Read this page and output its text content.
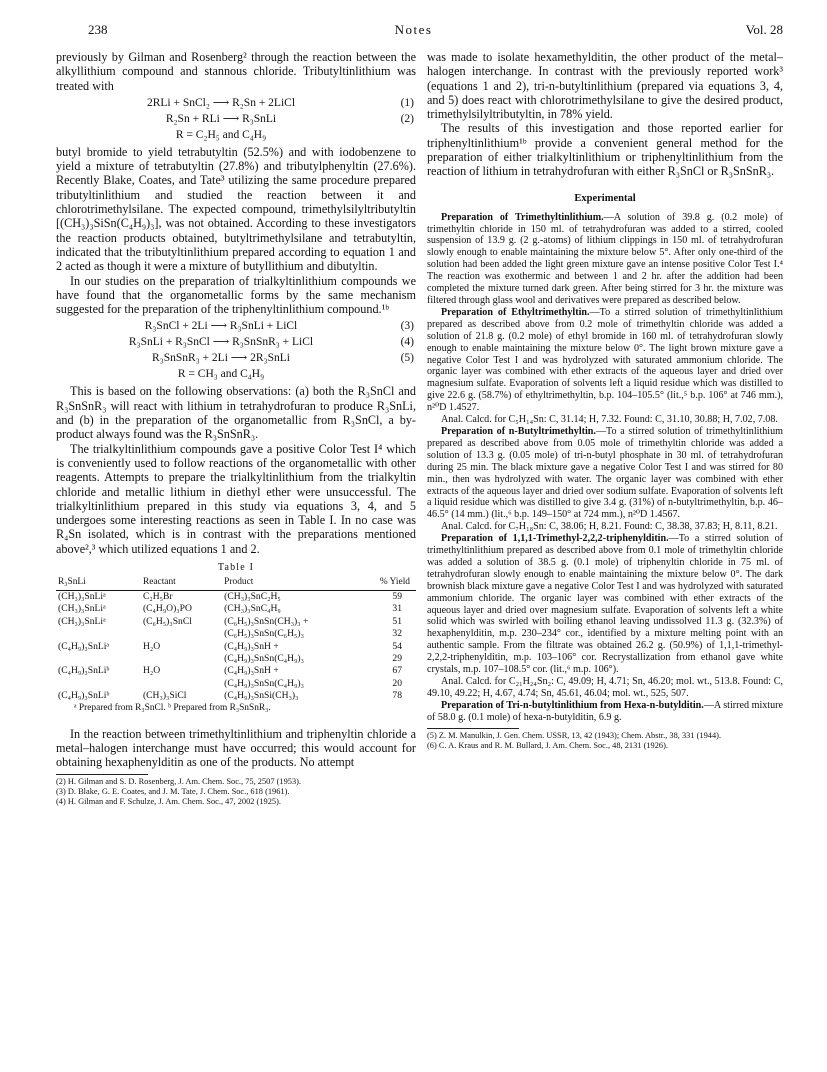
238	Notes	Vol. 28

previously by Gilman and Rosenberg² through the reaction between the alkyllithium compound and stannous chloride. Tributyltinlithium was treated with

2RLi + SnCl₂ ⟶ R₂Sn + 2LiCl	(1)
R₂Sn + RLi ⟶ R₃SnLi	(2)
R = C₂H₅ and C₄H₉

butyl bromide to yield tetrabutyltin (52.5%) and with iodobenzene to yield a mixture of tetrabutyltin (27.8%) and tributylphenyltin (27.6%). Recently Blake, Coates, and Tate³ utilizing the same procedure prepared tributyltinlithium and studied the reaction between it and chlorotrimethylsilane. The expected compound, trimethylsilyltributyltin [(CH₃)₃SiSn(C₄H₉)₃], was not obtained. According to these investigators the reaction products obtained, butyltrimethylsilane and tetrabutyltin, indicated that the tributyltinlithium prepared according to equation 1 and 2 acted as though it were a mixture of butyllithium and dibutyltin.

In our studies on the preparation of trialkyltinlithium compounds we have found that the organometallic forms by the same mechanism suggested for the preparation of the triphenyltinlithium compound.¹ᵇ

R₃SnCl + 2Li ⟶ R₃SnLi + LiCl	(3)
R₃SnLi + R₃SnCl ⟶ R₃SnSnR₃ + LiCl	(4)
R₃SnSnR₃ + 2Li ⟶ 2R₃SnLi	(5)
R = CH₃ and C₄H₉

This is based on the following observations: (a) both the R₃SnCl and R₃SnSnR₃ will react with lithium in tetrahydrofuran to produce R₃SnLi, and (b) in the preparation of the organometallic from R₃SnCl, a by-product always found was the R₃SnSnR₃.

The trialkyltinlithium compounds gave a positive Color Test I⁴ which is conveniently used to follow reactions of the organometallic with other reagents. Attempts to prepare the trialkyltinlithium from the trialkyltin chloride and metallic lithium in diethyl ether were unsuccessful. The trialkyltinlithium prepared in this study via equations 3, 4, and 5 undergoes some interesting reactions as seen in Table I. In no case was R₄Sn isolated, which is in contrast with the preparations mentioned above²,³ which utilized equations 1 and 2.

Table I
R₃SnLi	Reactant	Product	% Yield
(CH₃)₃SnLiᵃ	C₂H₅Br	(CH₃)₃SnC₂H₅	59
(CH₃)₃SnLiᵃ	(C₄H₉O)₃PO	(CH₃)₃SnC₄H₉	31
(CH₃)₃SnLiᵃ	(C₆H₅)₃SnCl	(C₆H₅)₃SnSn(CH₃)₃ +	51
		(C₆H₅)₃SnSn(C₆H₅)₃	32
(C₄H₉)₃SnLiᵃ	H₂O	(C₄H₉)₃SnH +	54
		(C₄H₉)₃SnSn(C₄H₉)₃	29
(C₄H₉)₃SnLiᵇ	H₂O	(C₄H₉)₃SnH +	67
		(C₄H₉)₃SnSn(C₄H₉)₃	20
(C₄H₉)₃SnLiᵇ	(CH₃)₃SiCl	(C₄H₉)₃SnSi(CH₃)₃	78
ᵃ Prepared from R₃SnCl. ᵇ Prepared from R₃SnSnR₃.

In the reaction between trimethyltinlithium and triphenyltin chloride a metal–halogen interchange must have occurred; this would account for obtaining hexaphenylditin as one of the products. No attempt

(2) H. Gilman and S. D. Rosenberg, J. Am. Chem. Soc., 75, 2507 (1953).
(3) D. Blake, G. E. Coates, and J. M. Tate, J. Chem. Soc., 618 (1961).
(4) H. Gilman and F. Schulze, J. Am. Chem. Soc., 47, 2002 (1925).

was made to isolate hexamethylditin, the other product of the metal–halogen interchange. In contrast with the previously reported work³ (equations 1 and 2), tri-n-butyltinlithium (prepared via equations 3, 4, and 5) does react with chlorotrimethylsilane to give the desired product, trimethylsilyltributyltin, in 78% yield.

The results of this investigation and those reported earlier for triphenyltinlithium¹ᵇ provide a convenient general method for the preparation of either trialkyltinlithium or triphenyltinlithium from the reaction of lithium in tetrahydrofuran with either R₃SnCl or R₃SnSnR₃.

Experimental

Preparation of Trimethyltinlithium.—A solution of 39.8 g. (0.2 mole) of trimethyltin chloride in 150 ml. of tetrahydrofuran was added to a stirred, cooled suspension of 13.9 g. (2 g.-atoms) of lithium clippings in 150 ml. of tetrahydrofuran slowly enough to enable maintaining the mixture below 5°. After only one-third of the solution had been added the light green mixture gave an intense positive Color Test I.⁴ The reaction was exothermic and between 1 and 2 hr. after the addition had been completed the mixture turned dark green. After being stirred for 3 hr. the mixture was filtered through glass wool and derivatives were prepared as described below.

Preparation of Ethyltrimethyltin.—To a stirred solution of trimethyltinlithium prepared as described above from 0.2 mole of trimethyltin chloride was added a solution of 21.8 g. (0.2 mole) of ethyl bromide in 160 ml. of tetrahydrofuran slowly enough to enable maintaining the mixture below 0°. The light brown mixture gave a negative Color Test I and was hydrolyzed with saturated ammonium chloride. The organic layer was combined with ether extracts of the aqueous layer and dried over magnesium sulfate. Evaporation of solvents left a liquid residue which was distilled to give 22.6 g. (58.7%) of ethyltrimethyltin, b.p. 104–105.5° (lit.,⁵ b.p. 106° at 746 mm.), n²⁰D 1.4527.

Anal. Calcd. for C₅H₁₄Sn: C, 31.14; H, 7.32. Found: C, 31.10, 30.88; H, 7.02, 7.08.

Preparation of n-Butyltrimethyltin.—To a stirred solution of trimethyltinlithium prepared as described above from 0.05 mole of trimethyltin chloride was added a solution of 13.3 g. (0.05 mole) of tri-n-butyl phosphate in 30 ml. of tetrahydrofuran during 25 min. The black mixture gave a negative Color Test I and was stirred for 80 min., then was hydrolyzed with water. The organic layer was combined with ether extracts of the aqueous layer and dried over sodium sulfate. Evaporation of solvents left a liquid residue which was distilled to give 3.4 g. (31%) of n-butyltrimethyltin, b.p. 46–46.5° (14 mm.) (lit.,⁶ b.p. 149–150° at 724 mm.), n²⁰D 1.4567.

Anal. Calcd. for C₇H₁₈Sn: C, 38.06; H, 8.21. Found: C, 38.38, 37.83; H, 8.11, 8.21.

Preparation of 1,1,1-Trimethyl-2,2,2-triphenylditin.—To a stirred solution of trimethyltinlithium prepared as described above from 0.1 mole of trimethyltin chloride was added a solution of 38.5 g. (0.1 mole) of triphenyltin chloride in 75 ml. of tetrahydrofuran slowly enough to enable maintaining the mixture below 0°. The dark brownish black mixture gave a negative Color Test I and was hydrolyzed with saturated ammonium chloride. The organic layer was combined with ether extracts of the aqueous layer and dried over magnesium sulfate. Evaporation of solvents left a white solid which was swirled with boiling ethanol leaving undissolved 11.3 g. (32.3%) of hexaphenylditin, m.p. 230–234° cor., identified by a mixture melting point with an authentic sample. From the filtrate was obtained 26.2 g. (50.9%) of 1,1,1-trimethyl-2,2,2-triphenylditin, m.p. 103–106° cor. Recrystallization from ethanol gave white crystals, m.p. 107–108.5° cor. (lit.,⁶ m.p. 106°).

Anal. Calcd. for C₂₁H₂₄Sn₂: C, 49.09; H, 4.71; Sn, 46.20; mol. wt., 513.8. Found: C, 49.10, 49.22; H, 4.67, 4.74; Sn, 45.61, 46.04; mol. wt., 525, 507.

Preparation of Tri-n-butyltinlithium from Hexa-n-butylditin.—A stirred mixture of 58.0 g. (0.1 mole) of hexa-n-butylditin, 6.9 g.

(5) Z. M. Manulkin, J. Gen. Chem. USSR, 13, 42 (1943); Chem. Abstr., 38, 331 (1944).
(6) C. A. Kraus and R. M. Bullard, J. Am. Chem. Soc., 48, 2131 (1926).
